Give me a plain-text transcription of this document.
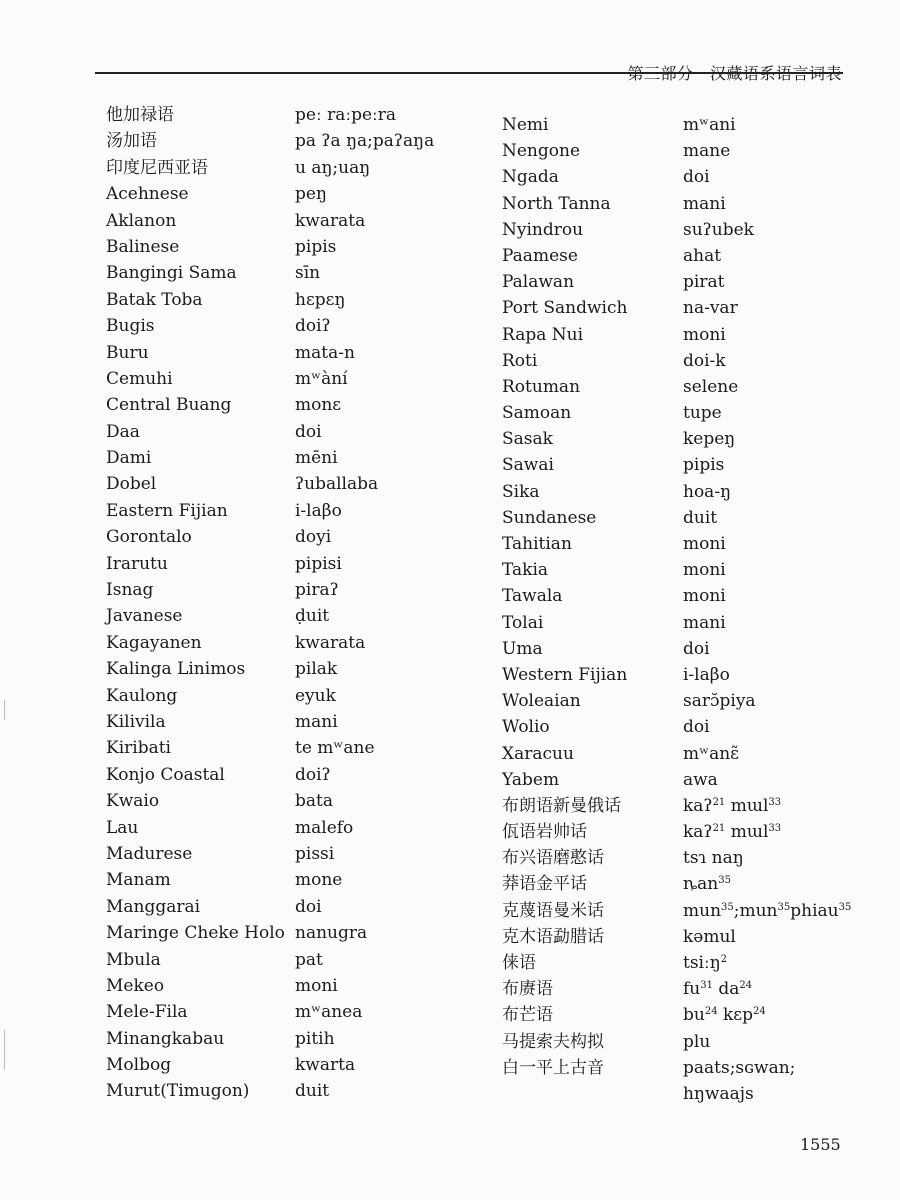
他加禄语
汤加语
印度尼西亚语
Acehnese
Aklanon
Balinese
Bangingi Sama
Batak Toba
Bugis
Buru
Cemuhi
Central Buang
Daa
Dami
Dobel
Eastern Fijian
Gorontalo
Irarutu
Isnag
Javanese
Kagayanen
Kalinga Linimos
Kaulong
Kilivila
Kiribati
Konjo Coastal
Kwaio
Lau
Madurese
Manam
Manggarai
Maringe Cheke Holo
Mbula
Mekeo
Mele-Fila
Minangkabau
Molbog
Murut(Timugon)
peː raːpeːra
pa ʔa ŋa;paʔaŋa
u aŋ;uaŋ
peŋ
kwarata
pipis
sīn
hɛpɛŋ
doiʔ
mata-n
mʷàní
monɛ
doi
mēni
ʔuballaba
i-laβo
doyi
pipisi
piraʔ
ḍuit
kwarata
pilak
eyuk
mani
te mʷane
doiʔ
bata
malefo
pissi
mone
doi
nanugra
pat
moni
mʷanea
pitih
kwarta
duit
Nemi
Nengone
Ngada
North Tanna
Nyindrou
Paamese
Palawan
Port Sandwich
Rapa Nui
Roti
Rotuman
Samoan
Sasak
Sawai
Sika
Sundanese
Tahitian
Takia
Tawala
Tolai
Uma
Western Fijian
Woleaian
Wolio
Xaracuu
Yabem
布朗语新曼俄话
佤语岩帅话
布兴语磨憨话
莽语金平话
克蔑语曼米话
克木语勐腊话
俫语
布赓语
布芒语
马提索夫构拟
白一平上古音
mʷani
mane
doi
mani
suʔubek
ahat
pirat
na-var
moni
doi-k
selene
tupe
kepeŋ
pipis
hoa-ŋ
duit
moni
moni
moni
mani
doi
i-laβo
sarɔ̆piya
doi
mʷanɛ̃
awa
kaʔ$^{21}$ mɯl$^{33}$
kaʔ$^{21}$ mɯl$^{33}$
tsɿ naŋ
ȵan$^{35}$
mun$^{35}$;mun$^{35}$phiau$^{35}$
kəmul
tsiːŋ$^2$
$fu^{31}$ $da^{24}$
$bu^{24}$ kɛp$^{24}$
plu
paats;sɢwan;
hŋwaajs
1555
